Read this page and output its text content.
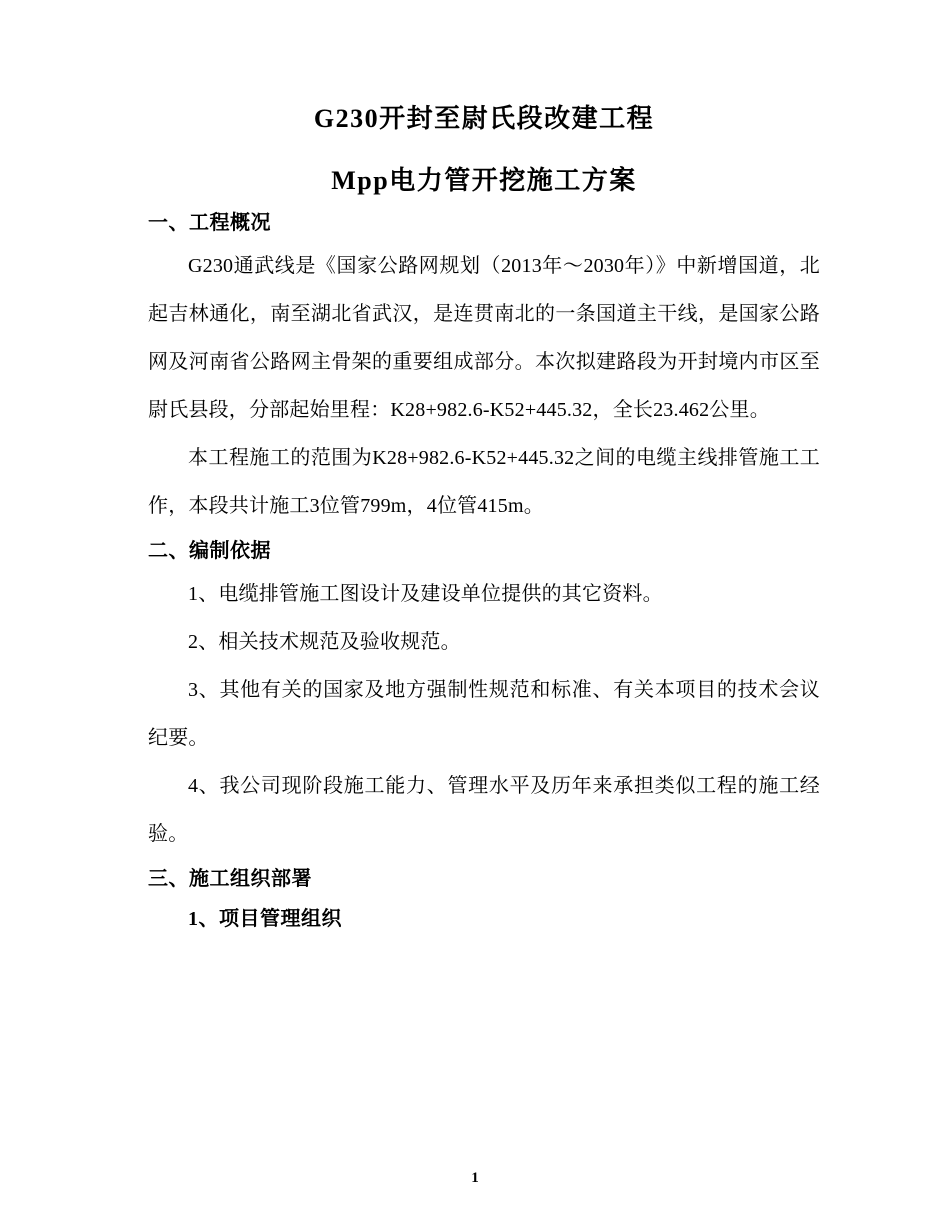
G230开封至尉氏段改建工程
Mpp电力管开挖施工方案
一、工程概况

G230通武线是《国家公路网规划（2013年～2030年）》中新增国道，北起吉林通化，南至湖北省武汉，是连贯南北的一条国道主干线，是国家公路网及河南省公路网主骨架的重要组成部分。本次拟建路段为开封境内市区至尉氏县段，分部起始里程：K28+982.6-K52+445.32，全长23.462公里。

本工程施工的范围为K28+982.6-K52+445.32之间的电缆主线排管施工工作，本段共计施工3位管799m，4位管415m。

二、编制依据

1、电缆排管施工图设计及建设单位提供的其它资料。

2、相关技术规范及验收规范。

3、其他有关的国家及地方强制性规范和标准、有关本项目的技术会议纪要。

4、我公司现阶段施工能力、管理水平及历年来承担类似工程的施工经验。

三、施工组织部署
1、项目管理组织
1
